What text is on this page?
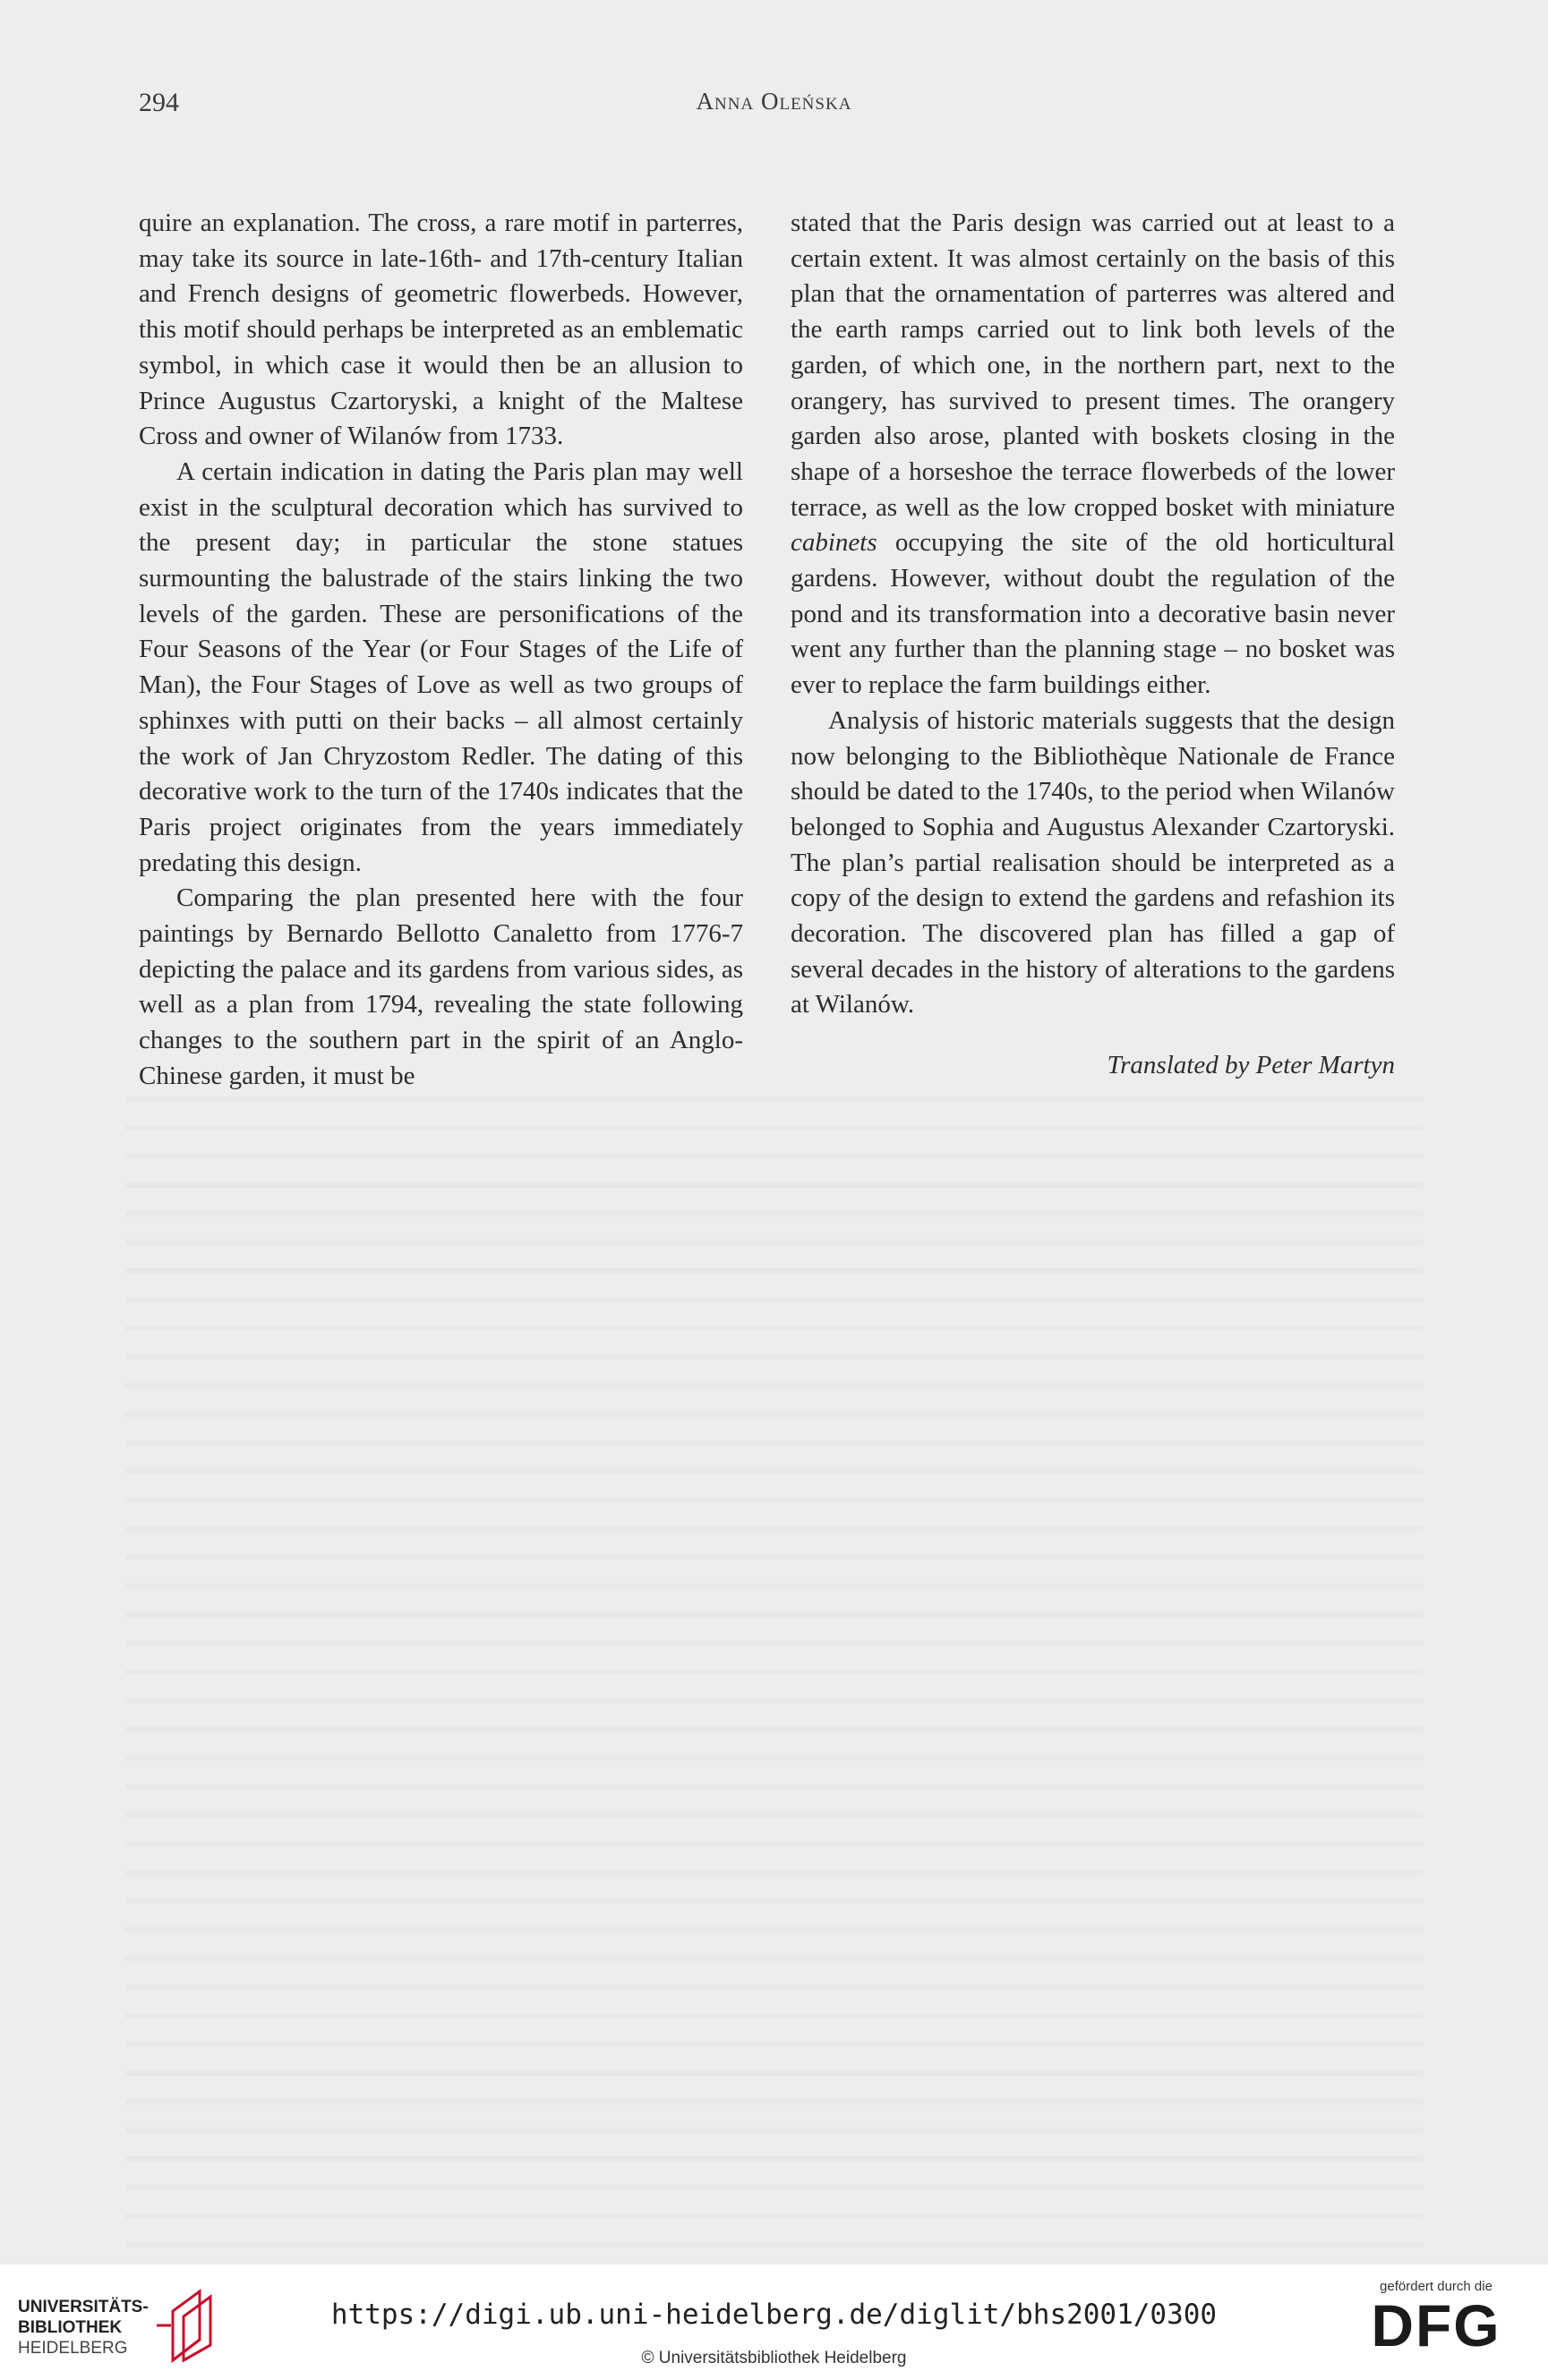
294	Anna Oleńska

quire an explanation. The cross, a rare motif in parterres, may take its source in late-16th- and 17th-century Italian and French designs of geometric flowerbeds. However, this motif should perhaps be interpreted as an emblematic symbol, in which case it would then be an allusion to Prince Augustus Czartoryski, a knight of the Maltese Cross and owner of Wilanów from 1733.

A certain indication in dating the Paris plan may well exist in the sculptural decoration which has survived to the present day; in particular the stone statues surmounting the balustrade of the stairs linking the two levels of the garden. These are personifications of the Four Seasons of the Year (or Four Stages of the Life of Man), the Four Stages of Love as well as two groups of sphinxes with putti on their backs – all almost certainly the work of Jan Chryzostom Redler. The dating of this decorative work to the turn of the 1740s indicates that the Paris project originates from the years immediately predating this design.

Comparing the plan presented here with the four paintings by Bernardo Bellotto Canaletto from 1776-7 depicting the palace and its gardens from various sides, as well as a plan from 1794, revealing the state following changes to the southern part in the spirit of an Anglo-Chinese garden, it must be

stated that the Paris design was carried out at least to a certain extent. It was almost certainly on the basis of this plan that the ornamentation of parterres was altered and the earth ramps carried out to link both levels of the garden, of which one, in the northern part, next to the orangery, has survived to present times. The orangery garden also arose, planted with boskets closing in the shape of a horseshoe the terrace flowerbeds of the lower terrace, as well as the low cropped bosket with miniature cabinets occupying the site of the old horticultural gardens. However, without doubt the regulation of the pond and its transformation into a decorative basin never went any further than the planning stage – no bosket was ever to replace the farm buildings either.

Analysis of historic materials suggests that the design now belonging to the Bibliothèque Nationale de France should be dated to the 1740s, to the period when Wilanów belonged to Sophia and Augustus Alexander Czartoryski. The plan’s partial realisation should be interpreted as a copy of the design to extend the gardens and refashion its decoration. The discovered plan has filled a gap of several decades in the history of alterations to the gardens at Wilanów.

Translated by Peter Martyn

UNIVERSITÄTS-
BIBLIOTHEK
HEIDELBERG
https://digi.ub.uni-heidelberg.de/diglit/bhs2001/0300
© Universitätsbibliothek Heidelberg
gefördert durch die
DFG
